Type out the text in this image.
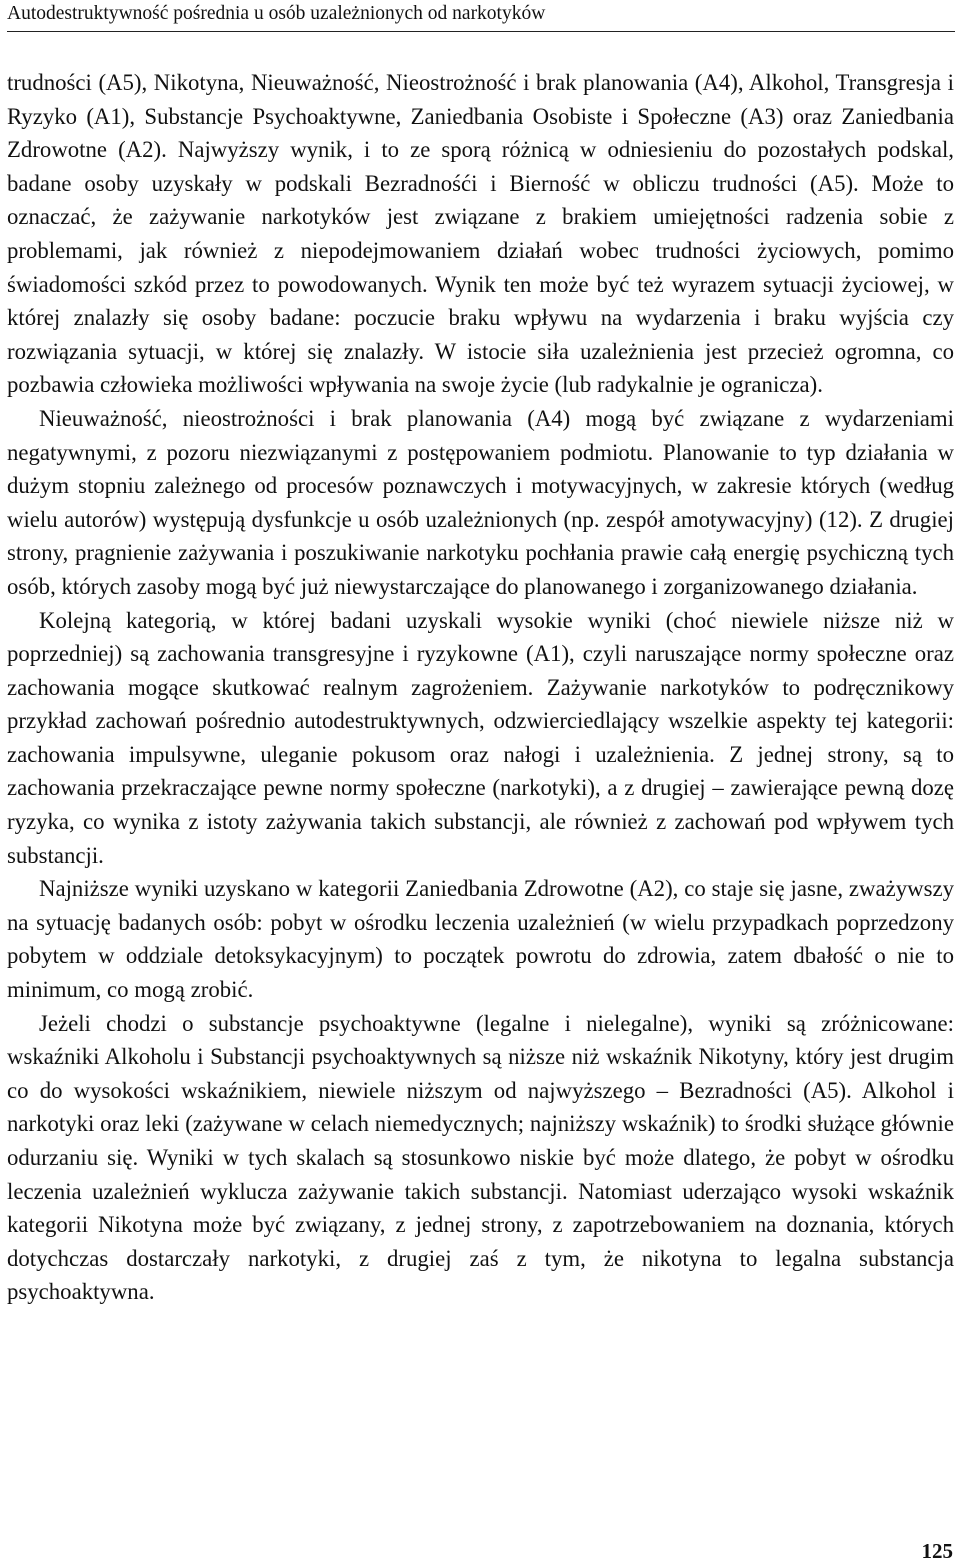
Autodestruktywność pośrednia u osób uzależnionych od narkotyków

trudności (A5), Nikotyna, Nieuważność, Nieostrożność i brak planowania (A4), Alkohol, Transgresja i Ryzyko (A1), Substancje Psychoaktywne, Zaniedbania Osobiste i Społeczne (A3) oraz Zaniedbania Zdrowotne (A2). Najwyższy wynik, i to ze sporą różnicą w odniesieniu do pozostałych podskal, badane osoby uzyskały w podskali Bezradnośći i Bierność w obliczu trudności (A5). Może to oznaczać, że zażywanie narkotyków jest związane z brakiem umiejętności radzenia sobie z problemami, jak również z niepodejmowaniem działań wobec trudności życiowych, pomimo świadomości szkód przez to powodowanych. Wynik ten może być też wyrazem sytuacji życiowej, w której znalazły się osoby badane: poczucie braku wpływu na wydarzenia i braku wyjścia czy rozwiązania sytuacji, w której się znalazły. W istocie siła uzależnienia jest przecież ogromna, co pozbawia człowieka możliwości wpływania na swoje życie (lub radykalnie je ogranicza).

Nieuważność, nieostrożności i brak planowania (A4) mogą być związane z wydarzeniami negatywnymi, z pozoru niezwiązanymi z postępowaniem podmiotu. Planowanie to typ działania w dużym stopniu zależnego od procesów poznawczych i motywacyjnych, w zakresie których (według wielu autorów) występują dysfunkcje u osób uzależnionych (np. zespół amotywacyjny) (12). Z drugiej strony, pragnienie zażywania i poszukiwanie narkotyku pochłania prawie całą energię psychiczną tych osób, których zasoby mogą być już niewystarczające do planowanego i zorganizowanego działania.

Kolejną kategorią, w której badani uzyskali wysokie wyniki (choć niewiele niższe niż w poprzedniej) są zachowania transgresyjne i ryzykowne (A1), czyli naruszające normy społeczne oraz zachowania mogące skutkować realnym zagrożeniem. Zażywanie narkotyków to podręcznikowy przykład zachowań pośrednio autodestruktywnych, odzwierciedlający wszelkie aspekty tej kategorii: zachowania impulsywne, uleganie pokusom oraz nałogi i uzależnienia. Z jednej strony, są to zachowania przekraczające pewne normy społeczne (narkotyki), a z drugiej – zawierające pewną dozę ryzyka, co wynika z istoty zażywania takich substancji, ale również z zachowań pod wpływem tych substancji.

Najniższe wyniki uzyskano w kategorii Zaniedbania Zdrowotne (A2), co staje się jasne, zważywszy na sytuację badanych osób: pobyt w ośrodku leczenia uzależnień (w wielu przypadkach poprzedzony pobytem w oddziale detoksykacyjnym) to początek powrotu do zdrowia, zatem dbałość o nie to minimum, co mogą zrobić.

Jeżeli chodzi o substancje psychoaktywne (legalne i nielegalne), wyniki są zróżnicowane: wskaźniki Alkoholu i Substancji psychoaktywnych są niższe niż wskaźnik Nikotyny, który jest drugim co do wysokości wskaźnikiem, niewiele niższym od najwyższego – Bezradności (A5). Alkohol i narkotyki oraz leki (zażywane w celach niemedycznych; najniższy wskaźnik) to środki służące głównie odurzaniu się. Wyniki w tych skalach są stosunkowo niskie być może dlatego, że pobyt w ośrodku leczenia uzależnień wyklucza zażywanie takich substancji. Natomiast uderzająco wysoki wskaźnik kategorii Nikotyna może być związany, z jednej strony, z zapotrzebowaniem na doznania, których dotychczas dostarczały narkotyki, z drugiej zaś z tym, że nikotyna to legalna substancja psychoaktywna.

125
